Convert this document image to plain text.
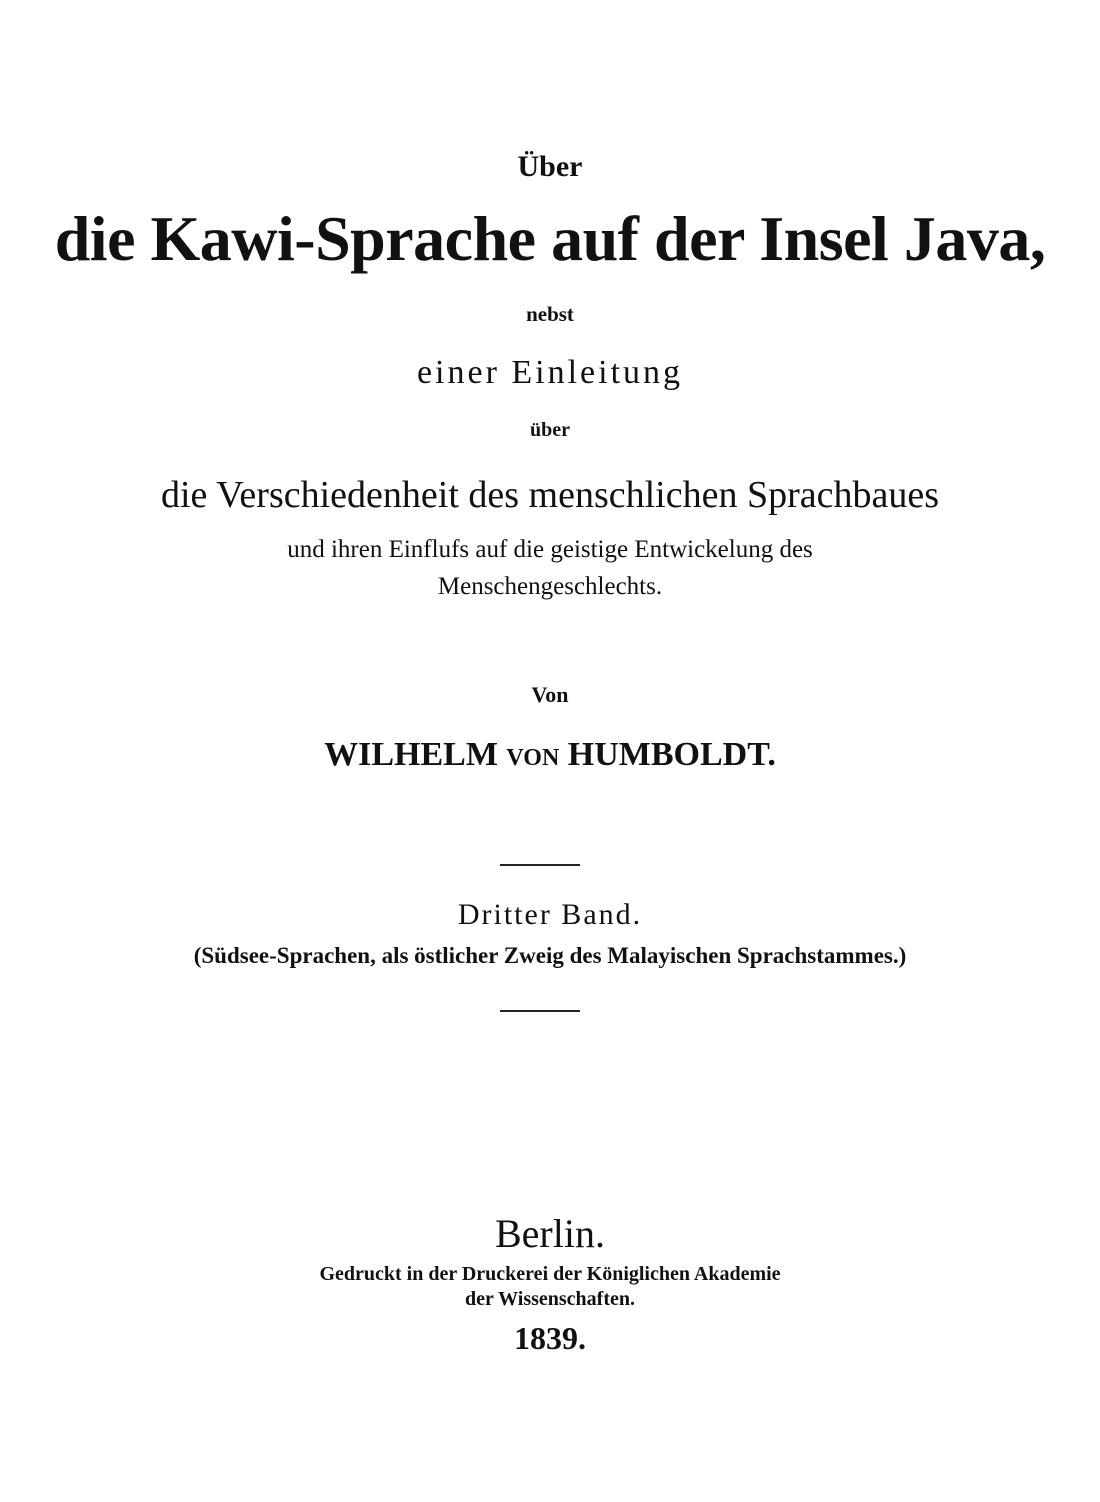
Über
die Kawi-Sprache auf der Insel Java,
nebst
einer Einleitung
über
die Verschiedenheit des menschlichen Sprachbaues
und ihren Einflufs auf die geistige Entwickelung des
Menschengeschlechts.
Von
WILHELM VON HUMBOLDT.
Dritter Band.
(Südsee-Sprachen, als östlicher Zweig des Malayischen Sprachstammes.)
Berlin.
Gedruckt in der Druckerei der Königlichen Akademie
der Wissenschaften.
1839.
